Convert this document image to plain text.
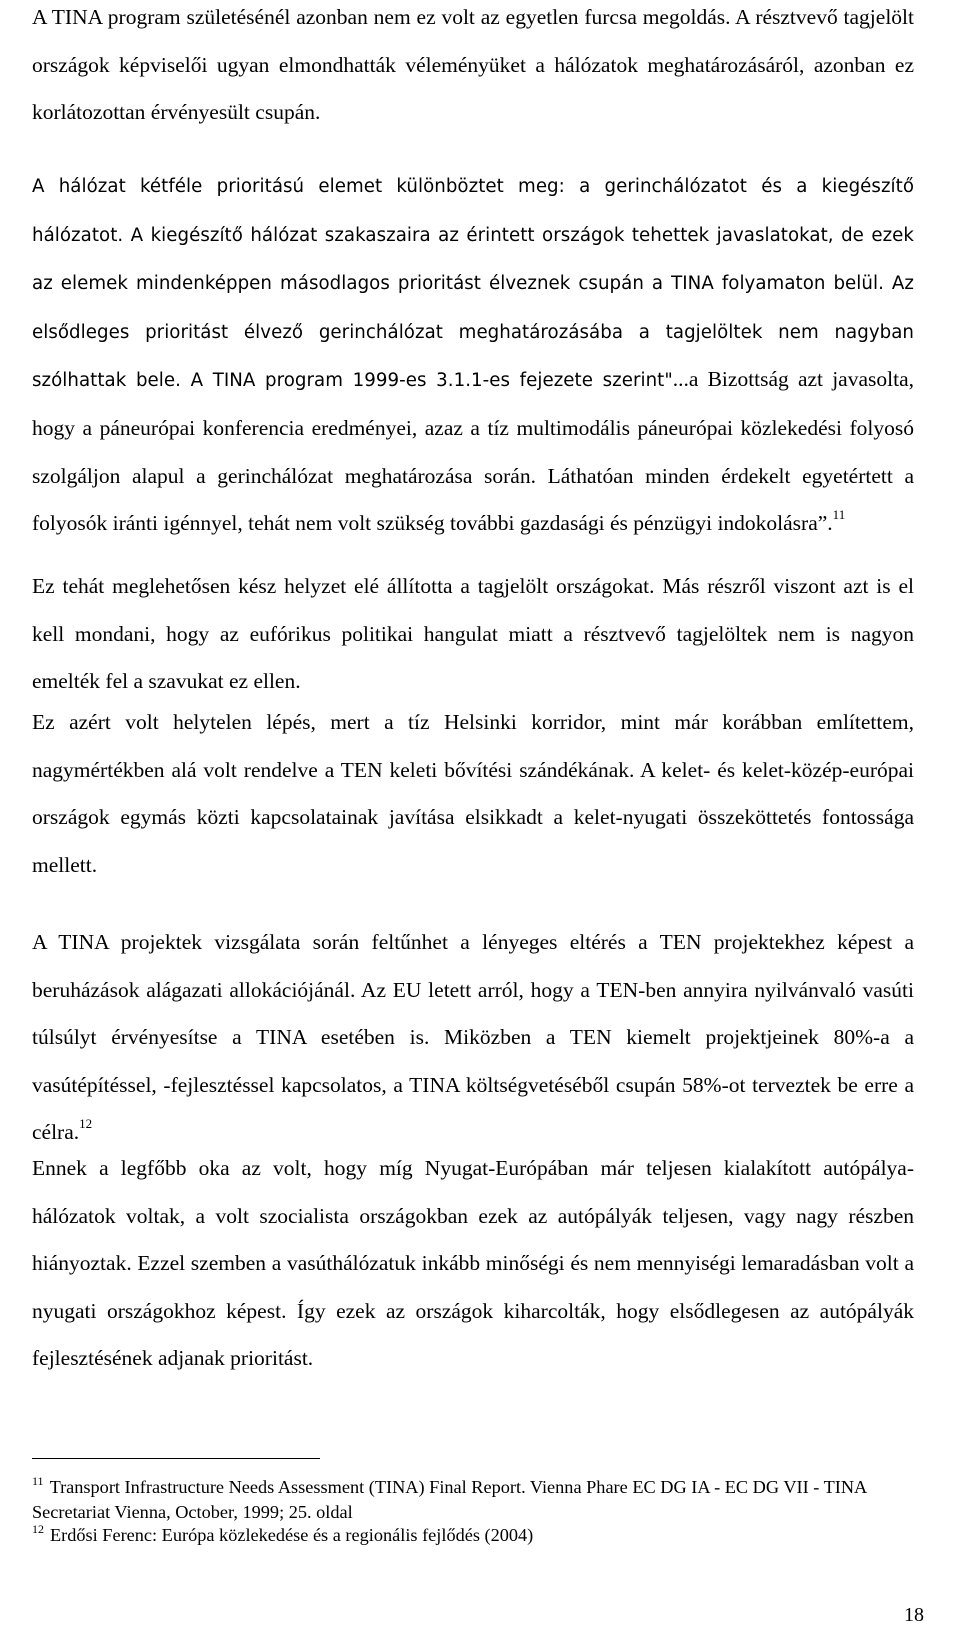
A TINA program születésénél azonban nem ez volt az egyetlen furcsa megoldás. A résztvevő tagjelölt országok képviselői ugyan elmondhatták véleményüket a hálózatok meghatározásáról, azonban ez korlátozottan érvényesült csupán.

A hálózat kétféle prioritású elemet különböztet meg: a gerinchálózatot és a kiegészítő hálózatot. A kiegészítő hálózat szakaszaira az érintett országok tehettek javaslatokat, de ezek az elemek mindenképpen másodlagos prioritást élveznek csupán a TINA folyamaton belül. Az elsődleges prioritást élvező gerinchálózat meghatározásába a tagjelöltek nem nagyban szólhattak bele. A TINA program 1999-es 3.1.1-es fejezete szerint"...a Bizottság azt javasolta, hogy a páneurópai konferencia eredményei, azaz a tíz multimodális páneurópai közlekedési folyosó szolgáljon alapul a gerinchálózat meghatározása során. Láthatóan minden érdekelt egyetértett a folyosók iránti igénnyel, tehát nem volt szükség további gazdasági és pénzügyi indokolásra”.$^{11}$

Ez tehát meglehetősen kész helyzet elé állította a tagjelölt országokat. Más részről viszont azt is el kell mondani, hogy az eufórikus politikai hangulat miatt a résztvevő tagjelöltek nem is nagyon emelték fel a szavukat ez ellen.

Ez azért volt helytelen lépés, mert a tíz Helsinki korridor, mint már korábban említettem, nagymértékben alá volt rendelve a TEN keleti bővítési szándékának. A kelet- és kelet-közép-európai országok egymás közti kapcsolatainak javítása elsikkadt a kelet-nyugati összeköttetés fontossága mellett.

A TINA projektek vizsgálata során feltűnhet a lényeges eltérés a TEN projektekhez képest a beruházások alágazati allokációjánál. Az EU letett arról, hogy a TEN-ben annyira nyilvánvaló vasúti túlsúlyt érvényesítse a TINA esetében is. Miközben a TEN kiemelt projektjeinek 80%-a a vasútépítéssel, -fejlesztéssel kapcsolatos, a TINA költségvetéséből csupán 58%-ot terveztek be erre a célra.$^{12}$

Ennek a legfőbb oka az volt, hogy míg Nyugat-Európában már teljesen kialakított autópálya-hálózatok voltak, a volt szocialista országokban ezek az autópályák teljesen, vagy nagy részben hiányoztak. Ezzel szemben a vasúthálózatuk inkább minőségi és nem mennyiségi lemaradásban volt a nyugati országokhoz képest. Így ezek az országok kiharcolták, hogy elsődlegesen az autópályák fejlesztésének adjanak prioritást.

$^{11}$ Transport Infrastructure Needs Assessment (TINA) Final Report. Vienna Phare EC DG IA - EC DG VII - TINA Secretariat Vienna, October, 1999; 25. oldal

$^{12}$ Erdősi Ferenc: Európa közlekedése és a regionális fejlődés (2004)

18
